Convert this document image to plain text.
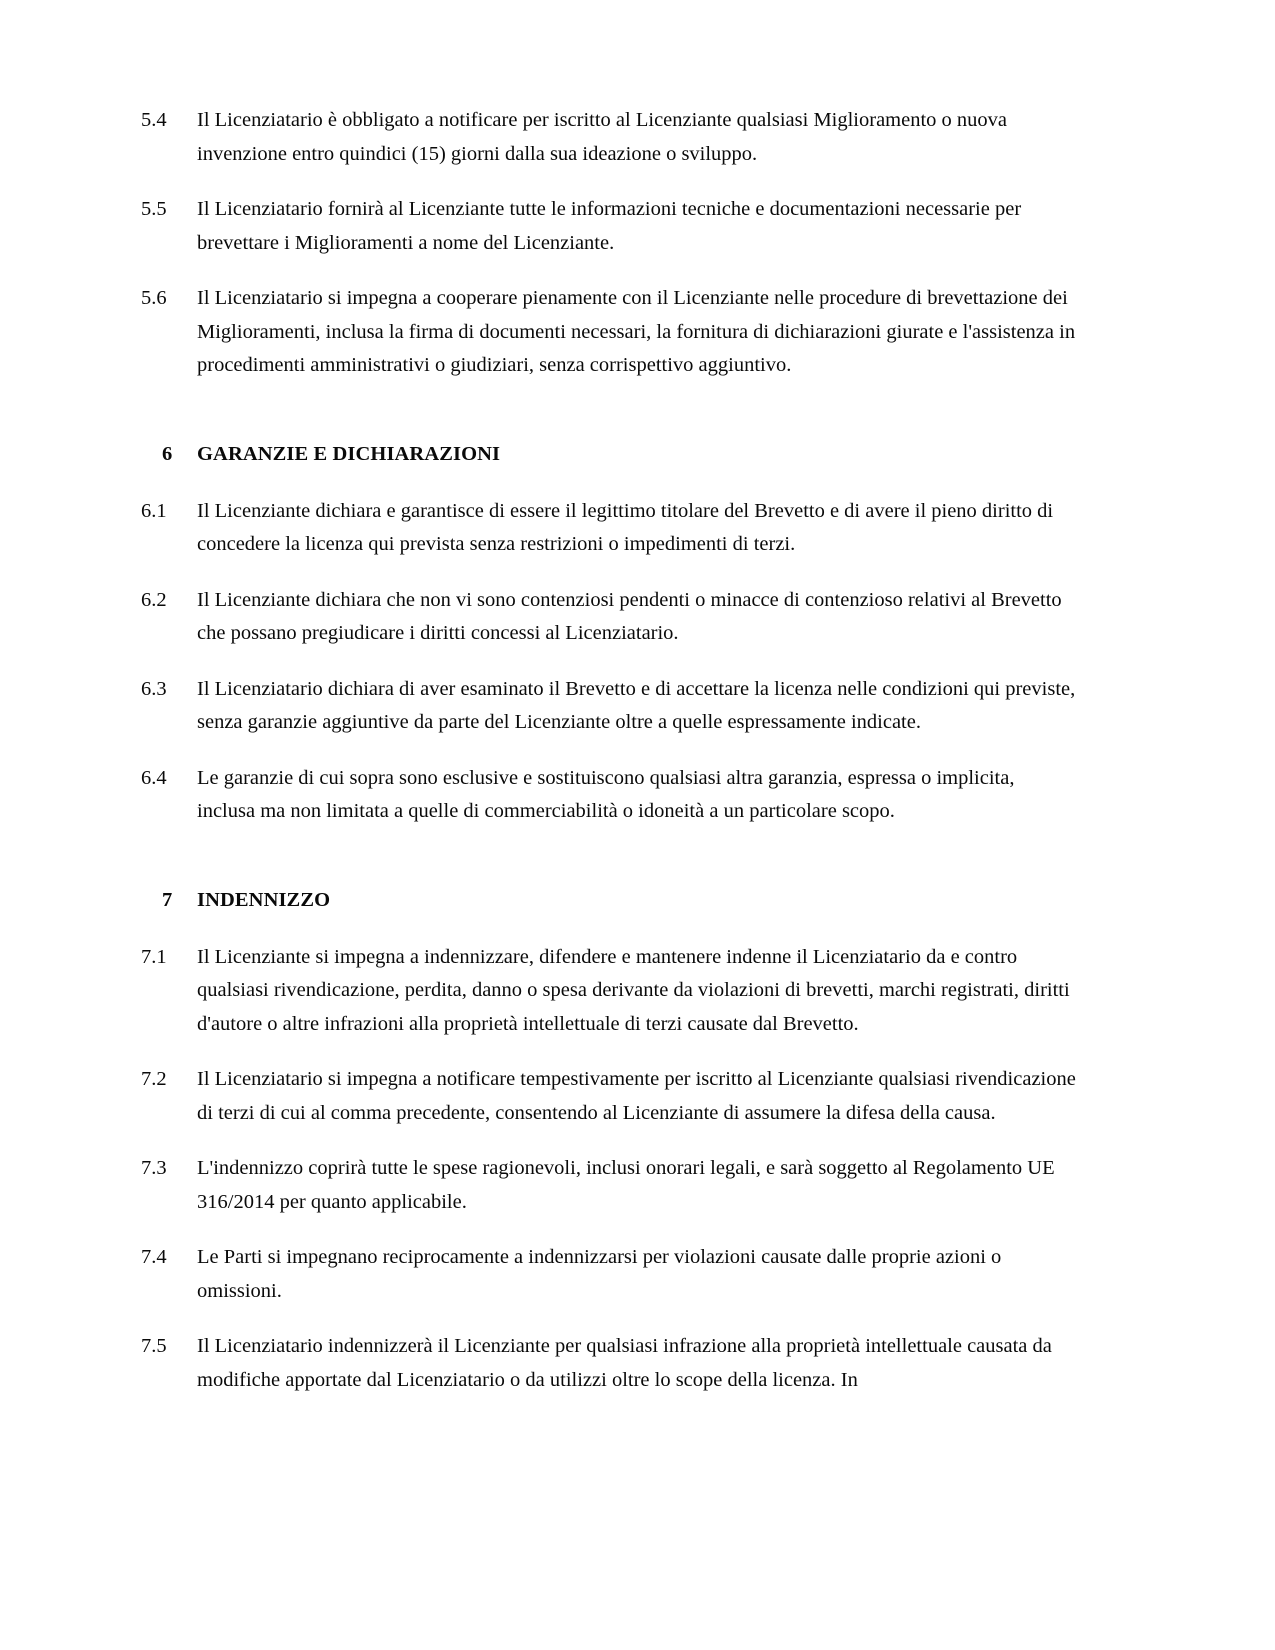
5.4	Il Licenziatario è obbligato a notificare per iscritto al Licenziante qualsiasi Miglioramento o nuova invenzione entro quindici (15) giorni dalla sua ideazione o sviluppo.
5.5	Il Licenziatario fornirà al Licenziante tutte le informazioni tecniche e documentazioni necessarie per brevettare i Miglioramenti a nome del Licenziante.
5.6	Il Licenziatario si impegna a cooperare pienamente con il Licenziante nelle procedure di brevettazione dei Miglioramenti, inclusa la firma di documenti necessari, la fornitura di dichiarazioni giurate e l'assistenza in procedimenti amministrativi o giudiziari, senza corrispettivo aggiuntivo.
6	GARANZIE E DICHIARAZIONI
6.1	Il Licenziante dichiara e garantisce di essere il legittimo titolare del Brevetto e di avere il pieno diritto di concedere la licenza qui prevista senza restrizioni o impedimenti di terzi.
6.2	Il Licenziante dichiara che non vi sono contenziosi pendenti o minacce di contenzioso relativi al Brevetto che possano pregiudicare i diritti concessi al Licenziatario.
6.3	Il Licenziatario dichiara di aver esaminato il Brevetto e di accettare la licenza nelle condizioni qui previste, senza garanzie aggiuntive da parte del Licenziante oltre a quelle espressamente indicate.
6.4	Le garanzie di cui sopra sono esclusive e sostituiscono qualsiasi altra garanzia, espressa o implicita, inclusa ma non limitata a quelle di commerciabilità o idoneità a un particolare scopo.
7	INDENNIZZO
7.1	Il Licenziante si impegna a indennizzare, difendere e mantenere indenne il Licenziatario da e contro qualsiasi rivendicazione, perdita, danno o spesa derivante da violazioni di brevetti, marchi registrati, diritti d'autore o altre infrazioni alla proprietà intellettuale di terzi causate dal Brevetto.
7.2	Il Licenziatario si impegna a notificare tempestivamente per iscritto al Licenziante qualsiasi rivendicazione di terzi di cui al comma precedente, consentendo al Licenziante di assumere la difesa della causa.
7.3	L'indennizzo coprirà tutte le spese ragionevoli, inclusi onorari legali, e sarà soggetto al Regolamento UE 316/2014 per quanto applicabile.
7.4	Le Parti si impegnano reciprocamente a indennizzarsi per violazioni causate dalle proprie azioni o omissioni.
7.5	Il Licenziatario indennizzerà il Licenziante per qualsiasi infrazione alla proprietà intellettuale causata da modifiche apportate dal Licenziatario o da utilizzi oltre lo scope della licenza. In
